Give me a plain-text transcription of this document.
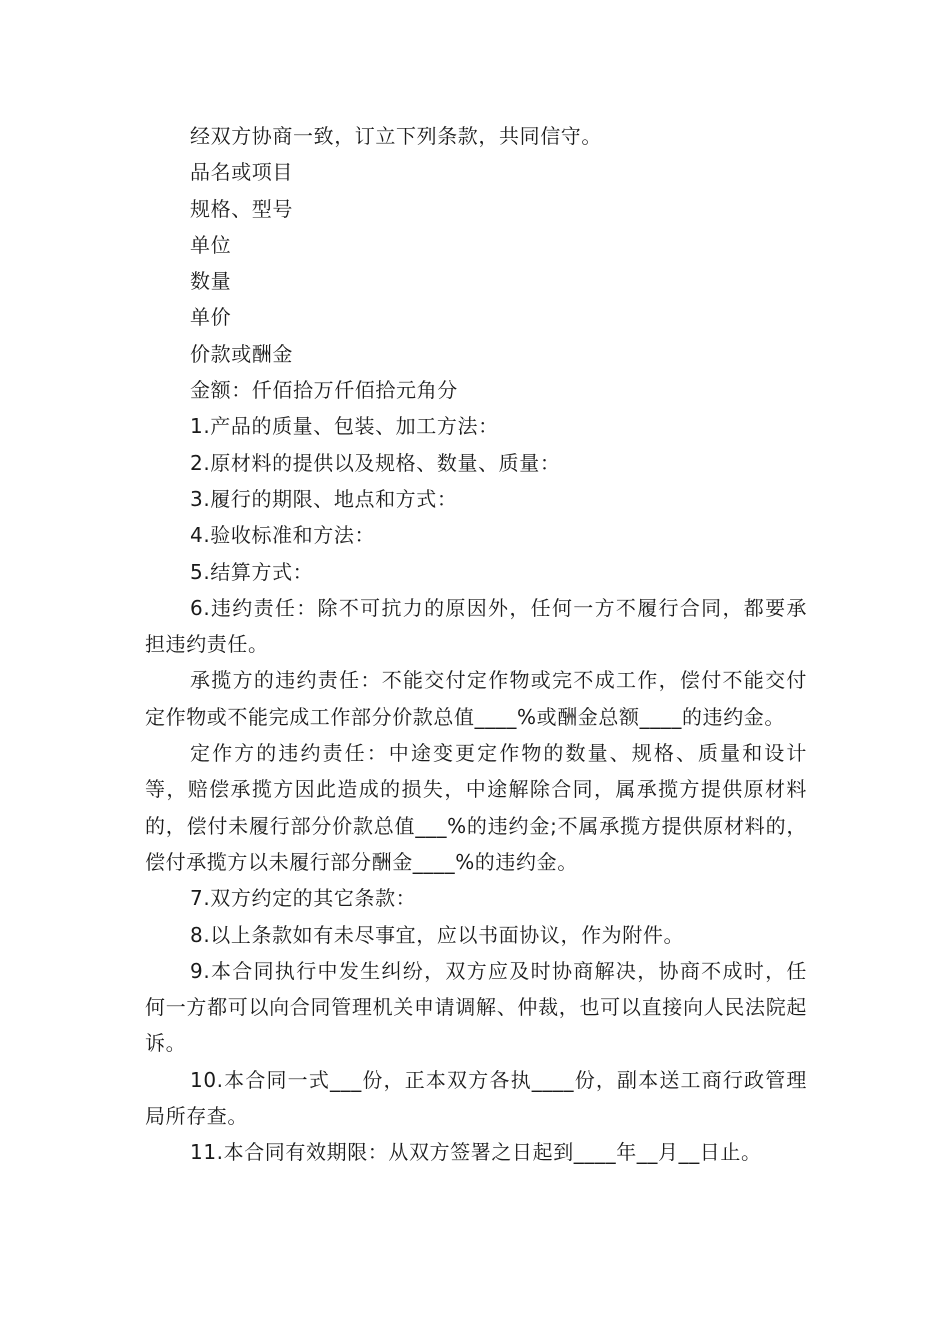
经双方协商一致，订立下列条款，共同信守。

品名或项目

规格、型号

单位

数量

单价

价款或酬金

金额：仟佰拾万仟佰拾元角分

1.产品的质量、包装、加工方法：

2.原材料的提供以及规格、数量、质量：

3.履行的期限、地点和方式：

4.验收标准和方法：

5.结算方式：

6.违约责任：除不可抗力的原因外，任何一方不履行合同，都要承担违约责任。

承揽方的违约责任：不能交付定作物或完不成工作，偿付不能交付定作物或不能完成工作部分价款总值____%或酬金总额____的违约金。

定作方的违约责任：中途变更定作物的数量、规格、质量和设计等，赔偿承揽方因此造成的损失，中途解除合同，属承揽方提供原材料的，偿付未履行部分价款总值___%的违约金;不属承揽方提供原材料的，偿付承揽方以未履行部分酬金____%的违约金。

7.双方约定的其它条款：

8.以上条款如有未尽事宜，应以书面协议，作为附件。

9.本合同执行中发生纠纷，双方应及时协商解决，协商不成时，任何一方都可以向合同管理机关申请调解、仲裁，也可以直接向人民法院起诉。

10.本合同一式___份，正本双方各执____份，副本送工商行政管理局所存查。

11.本合同有效期限：从双方签署之日起到____年__月__日止。
